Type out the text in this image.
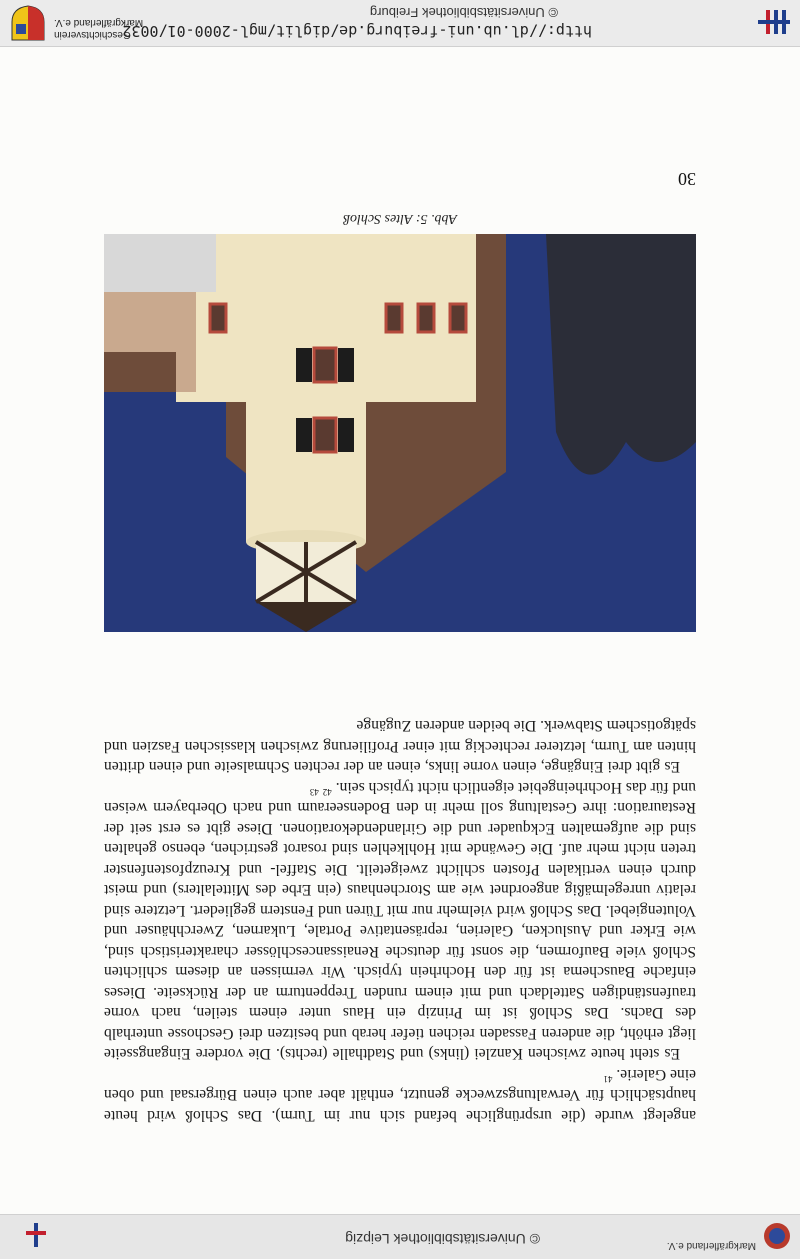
Markgräflerland e.V.
© Universitätsbibliothek Leipzig

angelegt wurde (die ursprüngliche befand sich nur im Turm). Das Schloß wird heute hauptsächlich für Verwaltungszwecke genutzt, enthält aber auch einen Bürgersaal und oben eine Galerie. $^{41}$

Es steht heute zwischen Kanzlei (links) und Stadthalle (rechts). Die vordere Eingangsseite liegt erhöht, die anderen Fassaden reichen tiefer herab und besitzen drei Geschosse unterhalb des Dachs. Das Schloß ist im Prinzip ein Haus unter einem steilen, nach vorne traufenständigen Satteldach und mit einem runden Treppenturm an der Rückseite. Dieses einfache Bauschema ist für den Hochrhein typisch. Wir vermissen an diesem schlichten Schloß viele Bauformen, die sonst für deutsche Renaissanceschlösser charakteristisch sind, wie Erker und Auslucken, Galerien, repräsentative Portale, Lukarnen, Zwerchhäuser und Volutengiebel. Das Schloß wird vielmehr nur mit Türen und Fenstern gegliedert. Letztere sind relativ unregelmäßig angeordnet wie am Storchenhaus (ein Erbe des Mittelalters) und meist durch einen vertikalen Pfosten schlicht zweigeteilt. Die Staffel- und Kreuzpfostenfenster treten nicht mehr auf. Die Gewände mit Hohlkehlen sind rosarot gestrichen, ebenso gehalten sind die aufgemalten Eckquader und die Girlandendekorationen. Diese gibt es erst seit der Restauration: ihre Gestaltung soll mehr in den Bodenseeraum und nach Oberbayern weisen und für das Hochrheingebiet eigentlich nicht typisch sein. $^{42}$ $^{43}$

Es gibt drei Eingänge, einen vorne links, einen an der rechten Schmalseite und einen dritten hinten am Turm, letzterer rechteckig mit einer Profilierung zwischen klassischen Faszien und spätgotischem Stabwerk. Die beiden anderen Zugänge

Abb. 5: Altes Schloß
30
http://dl.ub.uni-freiburg.de/diglit/mgl-2000-01/0032
© Universitätsbibliothek Freiburg
Geschichtsverein
Markgräflerland e.V.
